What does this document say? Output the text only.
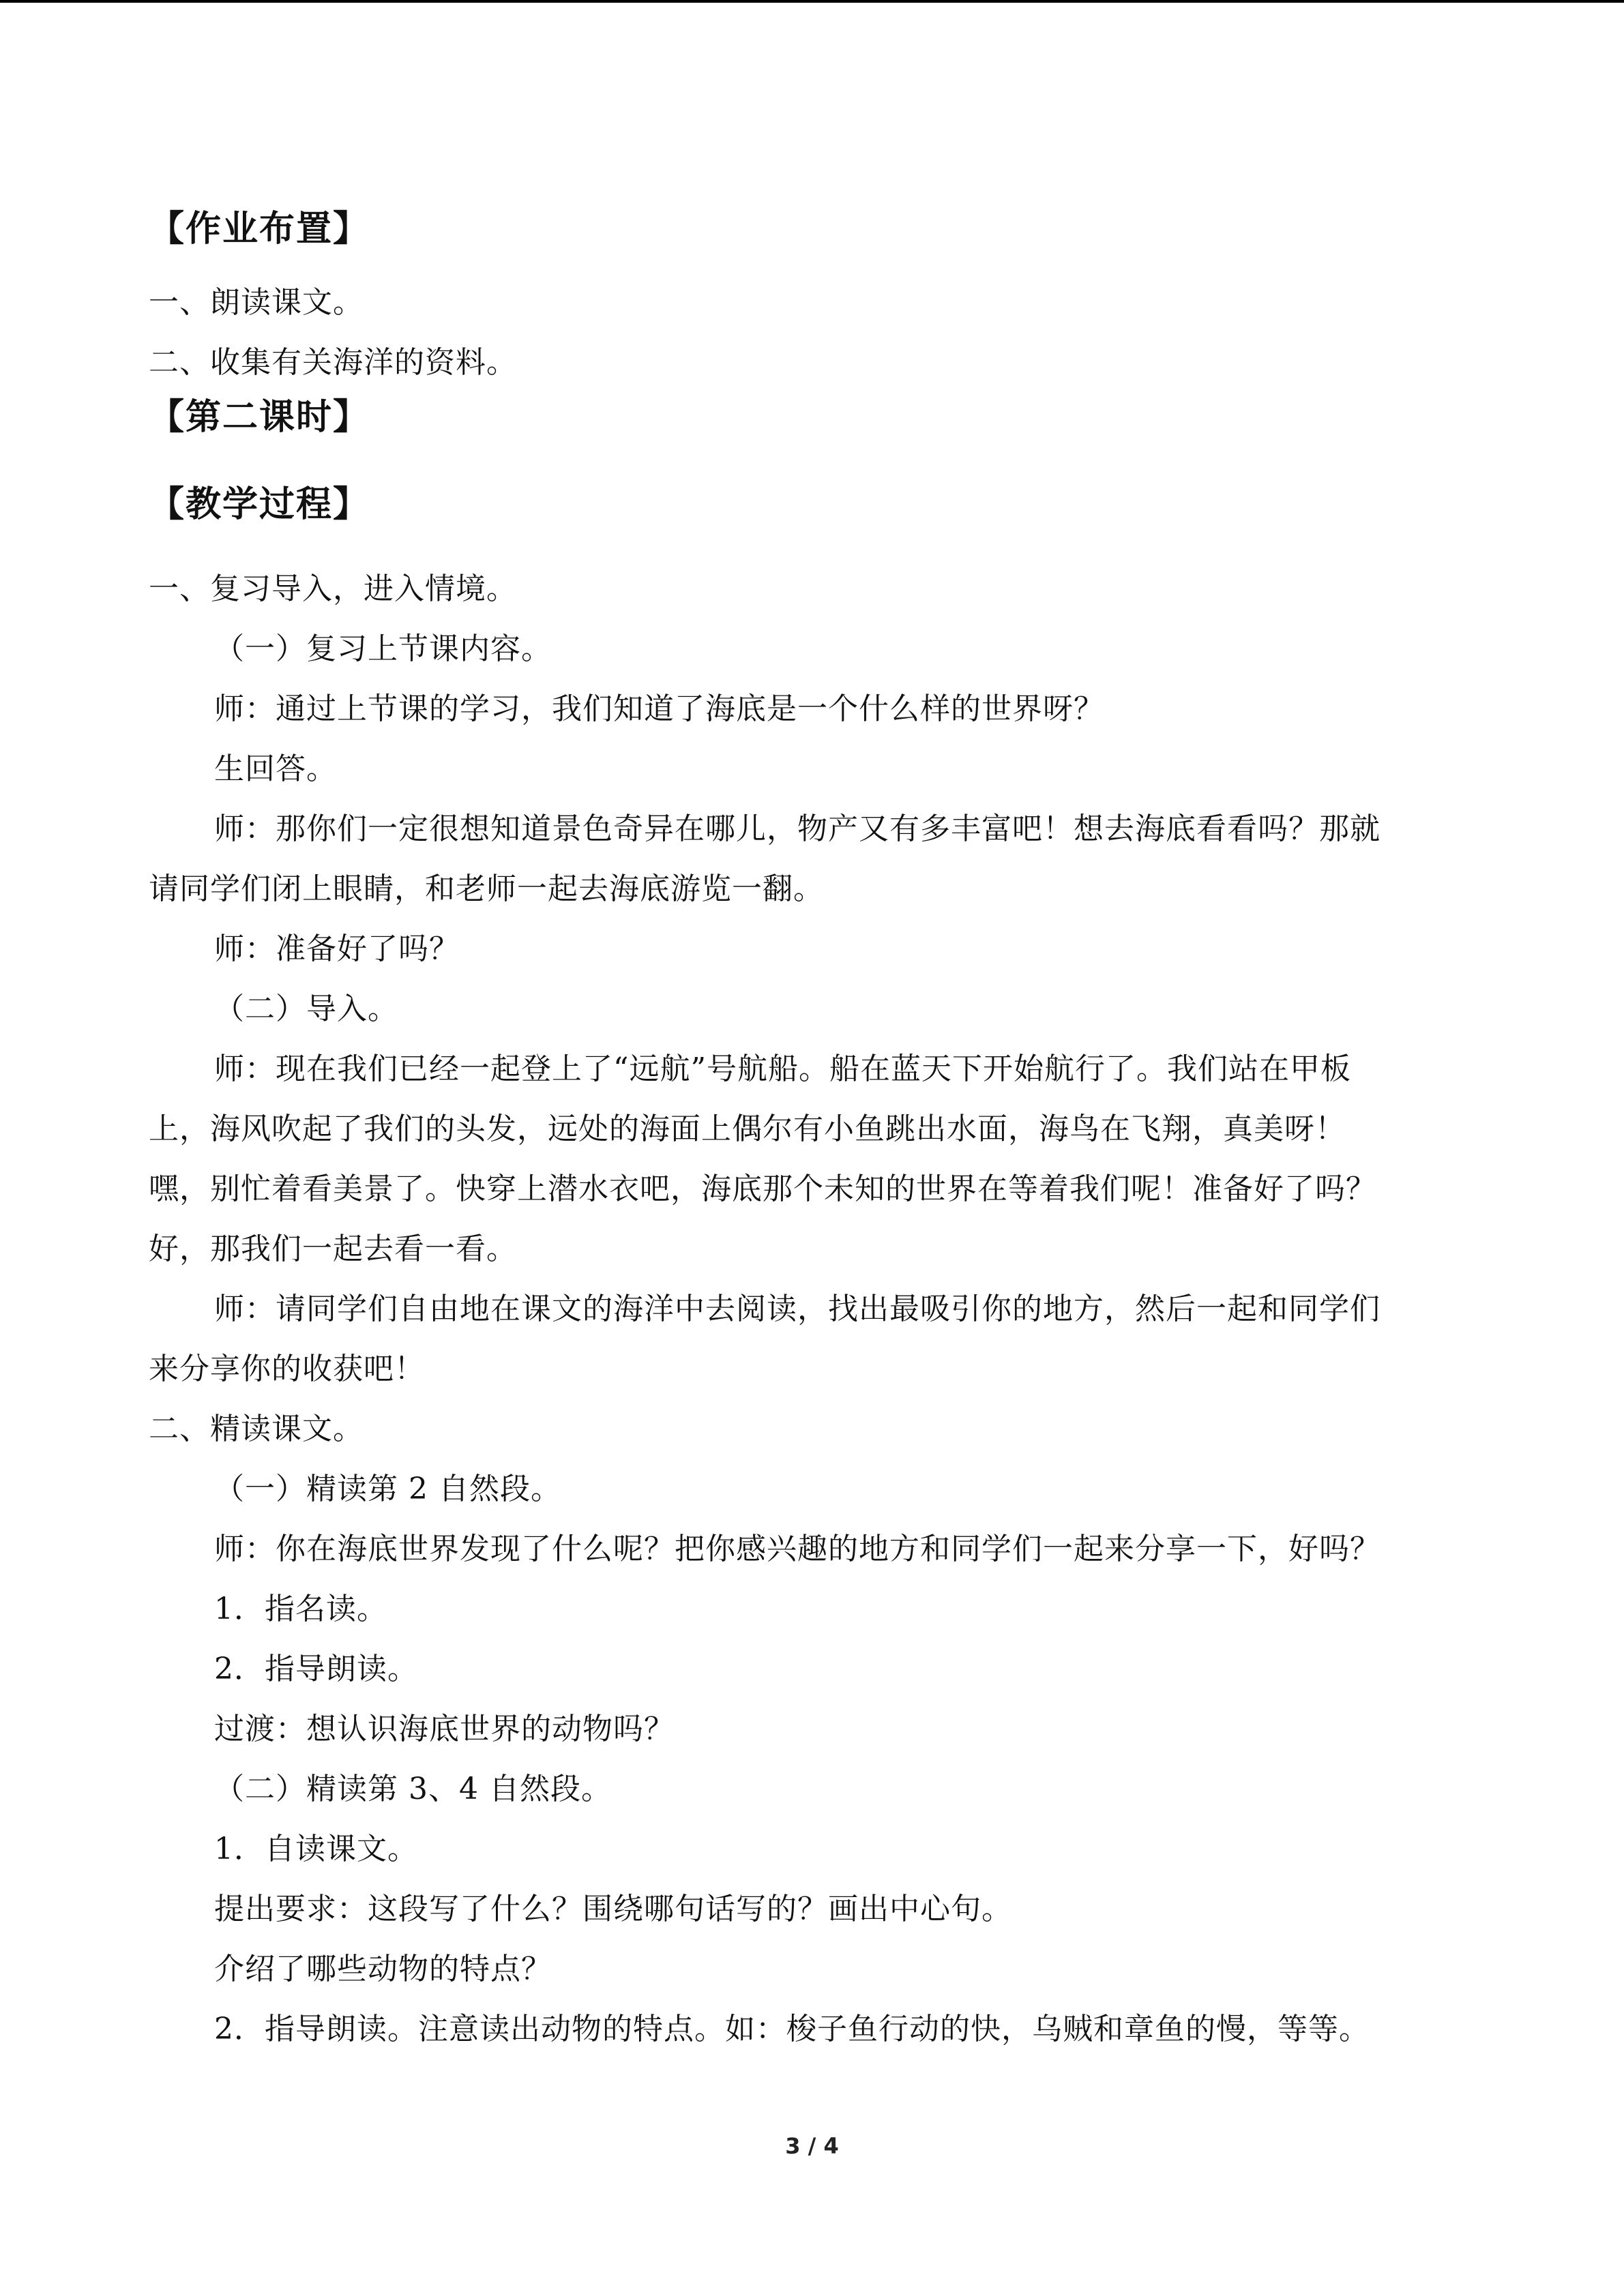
【作业布置】

一、朗读课文。

二、收集有关海洋的资料。

【第二课时】
【教学过程】

一、复习导入，进入情境。

（一）复习上节课内容。

师：通过上节课的学习，我们知道了海底是一个什么样的世界呀？

生回答。

师：那你们一定很想知道景色奇异在哪儿，物产又有多丰富吧！想去海底看看吗？那就
请同学们闭上眼睛，和老师一起去海底游览一翻。

师：准备好了吗？

（二）导入。

师：现在我们已经一起登上了“远航”号航船。船在蓝天下开始航行了。我们站在甲板
上，海风吹起了我们的头发，远处的海面上偶尔有小鱼跳出水面，海鸟在飞翔，真美呀！
嘿，别忙着看美景了。快穿上潜水衣吧，海底那个未知的世界在等着我们呢！准备好了吗？
好，那我们一起去看一看。
师：请同学们自由地在课文的海洋中去阅读，找出最吸引你的地方，然后一起和同学们
来分享你的收获吧！

二、精读课文。

（一）精读第 2 自然段。

师：你在海底世界发现了什么呢？把你感兴趣的地方和同学们一起来分享一下，好吗？

1．指名读。

2．指导朗读。

过渡：想认识海底世界的动物吗？

（二）精读第 3、4 自然段。

1．自读课文。

提出要求：这段写了什么？围绕哪句话写的？画出中心句。

介绍了哪些动物的特点？

2．指导朗读。注意读出动物的特点。如：梭子鱼行动的快，乌贼和章鱼的慢，等等。

3 / 4
